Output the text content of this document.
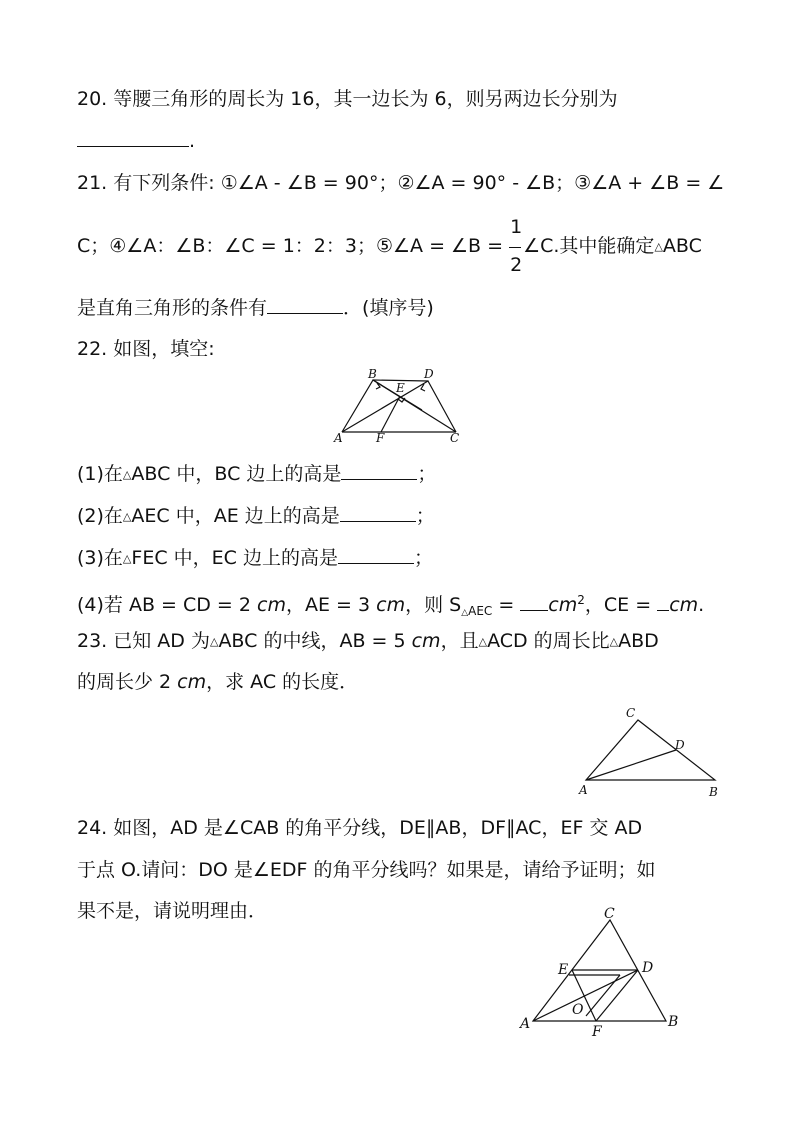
20. 等腰三角形的周长为 16，其一边长为 6，则另两边长分别为
.
21. 有下列条件: ①∠A - ∠B = 90°；②∠A = 90° - ∠B；③∠A + ∠B = ∠
C；④∠A：∠B：∠C = 1：2：3；⑤∠A = ∠B = $\frac{1}{2}$ ∠C.其中能确定△ABC
是直角三角形的条件有	．(填序号)
22. 如图，填空:
B	D
E
A	F	C
(1)在△ABC 中，BC 边上的高是	；
(2)在△AEC 中，AE 边上的高是	；
(3)在△FEC 中，EC 边上的高是	；
(4)若 AB = CD = 2 cm，AE = 3 cm，则 $S_{\triangle AEC} = cm^2$，CE = cm.
23. 已知 AD 为△ABC 的中线，AB = 5 cm，且△ACD 的周长比△ABD
的周长少 2 cm，求 AC 的长度．
C
D
A	B
24. 如图，AD 是∠CAB 的角平分线，DE∥AB，DF∥AC，EF 交 AD
于点 O.请问：DO 是∠EDF 的角平分线吗？如果是，请给予证明；如
果不是，请说明理由．	C
E	D
O
A	F
B
